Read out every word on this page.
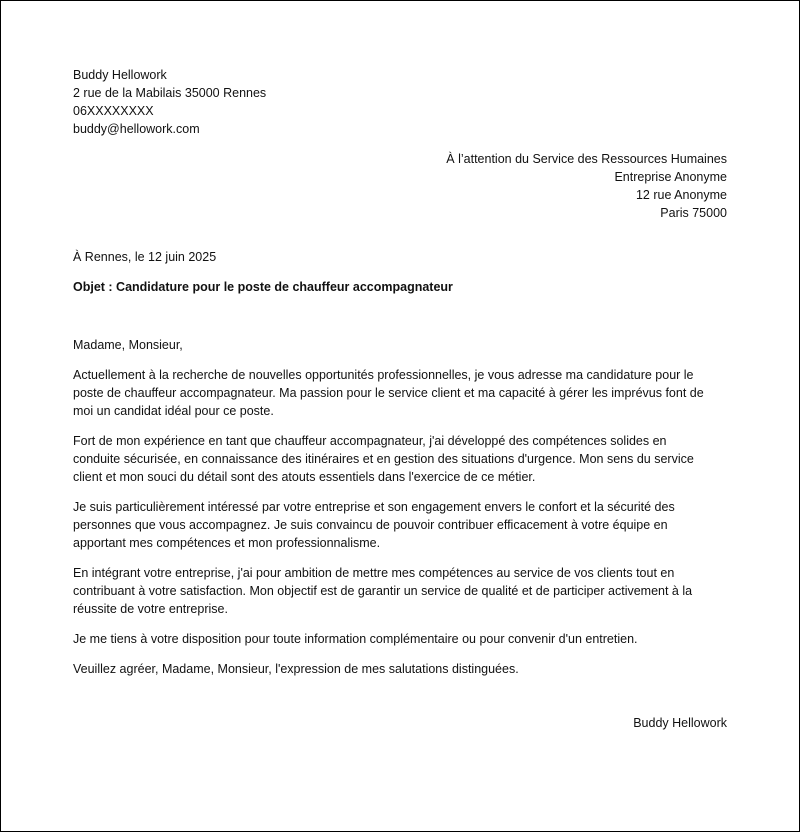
Buddy Hellowork
2 rue de la Mabilais 35000 Rennes
06XXXXXXXX
buddy@hellowork.com
À l’attention du Service des Ressources Humaines
Entreprise Anonyme
12 rue Anonyme
Paris 75000
À Rennes, le 12 juin 2025
Objet : Candidature pour le poste de chauffeur accompagnateur
Madame, Monsieur,
Actuellement à la recherche de nouvelles opportunités professionnelles, je vous adresse ma candidature pour le
poste de chauffeur accompagnateur. Ma passion pour le service client et ma capacité à gérer les imprévus font de
moi un candidat idéal pour ce poste.
Fort de mon expérience en tant que chauffeur accompagnateur, j'ai développé des compétences solides en
conduite sécurisée, en connaissance des itinéraires et en gestion des situations d'urgence. Mon sens du service
client et mon souci du détail sont des atouts essentiels dans l'exercice de ce métier.
Je suis particulièrement intéressé par votre entreprise et son engagement envers le confort et la sécurité des
personnes que vous accompagnez. Je suis convaincu de pouvoir contribuer efficacement à votre équipe en
apportant mes compétences et mon professionnalisme.
En intégrant votre entreprise, j'ai pour ambition de mettre mes compétences au service de vos clients tout en
contribuant à votre satisfaction. Mon objectif est de garantir un service de qualité et de participer activement à la
réussite de votre entreprise.
Je me tiens à votre disposition pour toute information complémentaire ou pour convenir d'un entretien.
Veuillez agréer, Madame, Monsieur, l'expression de mes salutations distinguées.
Buddy Hellowork
